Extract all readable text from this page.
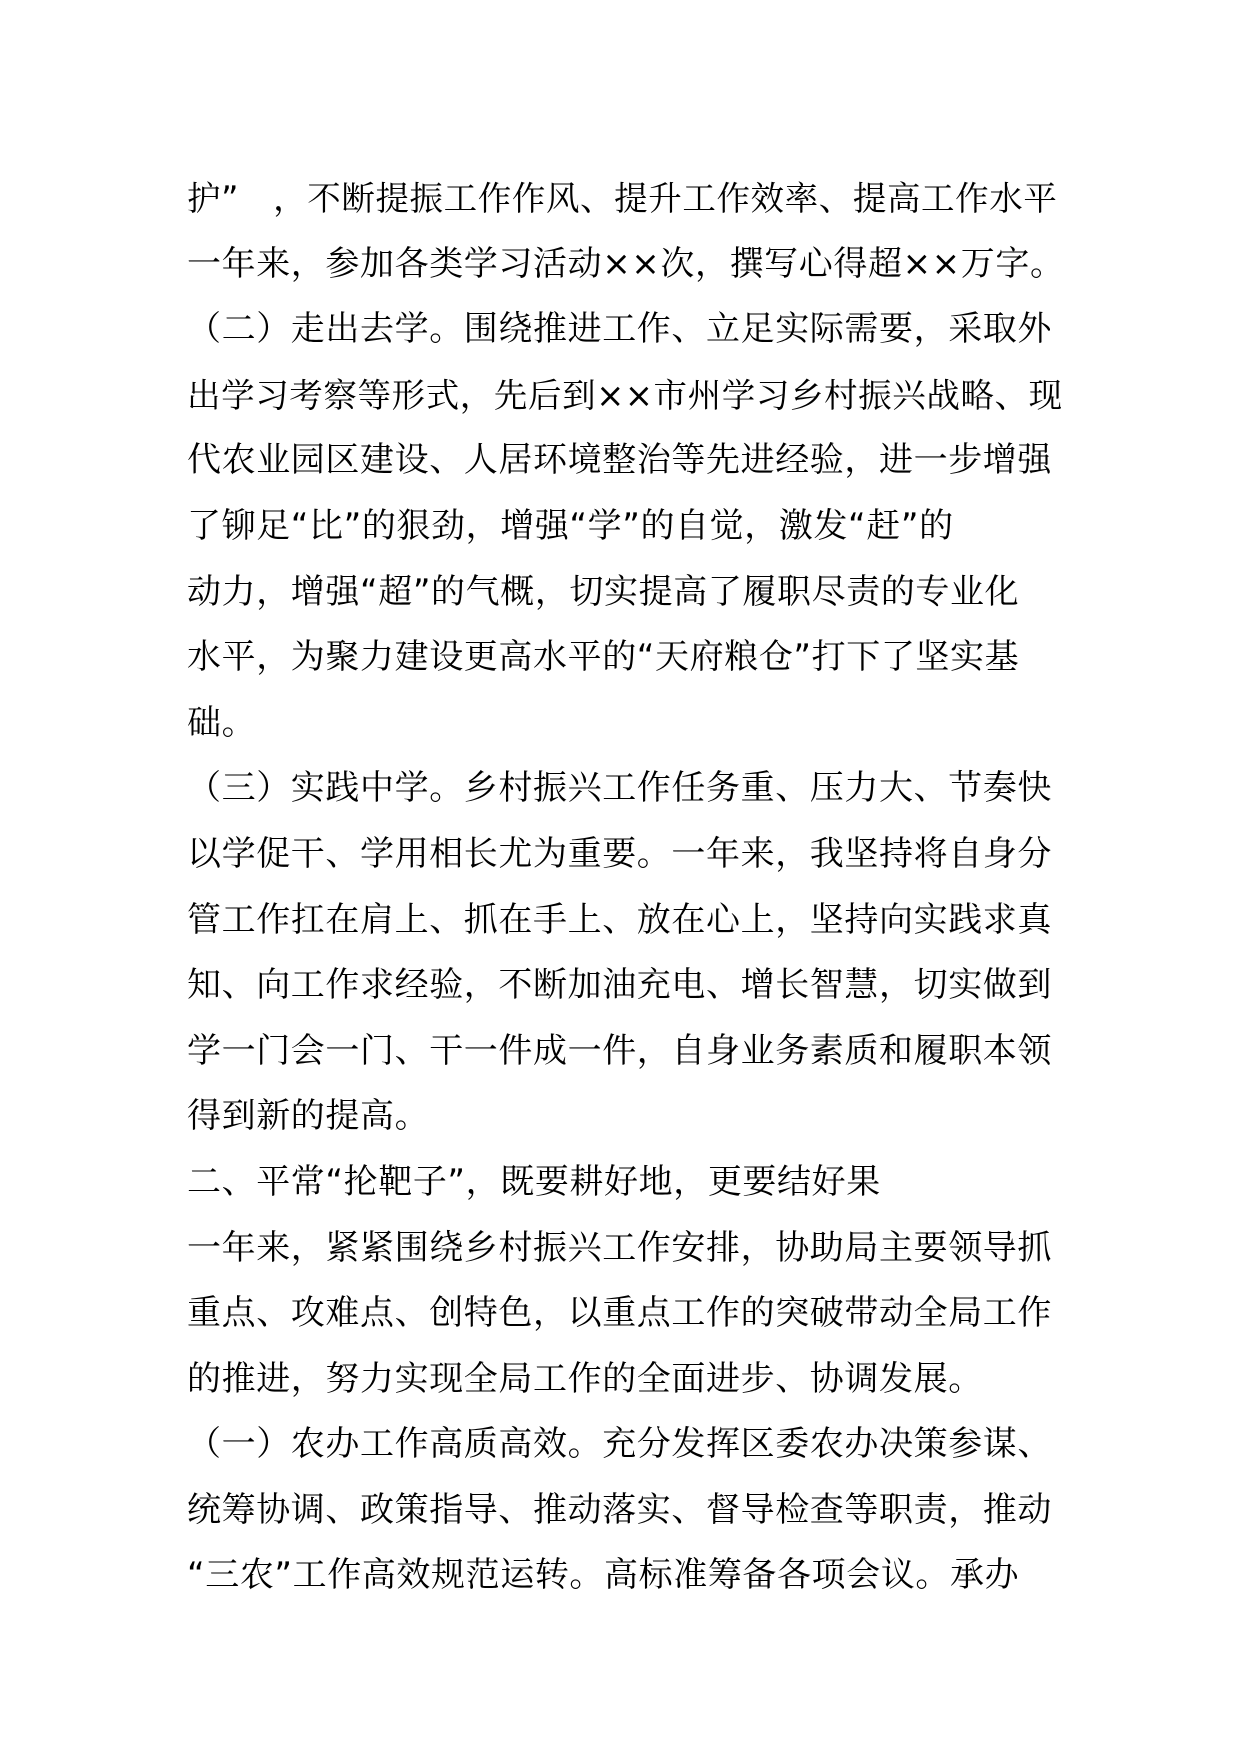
护”　，不断提振工作作风、提升工作效率、提高工作水平
一年来，参加各类学习活动××次，撰写心得超××万字。
（二）走出去学。围绕推进工作、立足实际需要，采取外
出学习考察等形式，先后到××市州学习乡村振兴战略、现
代农业园区建设、人居环境整治等先进经验，进一步增强
了铆足“比”的狠劲，增强“学”的自觉，激发“赶”的
动力，增强“超”的气概，切实提高了履职尽责的专业化
水平，为聚力建设更高水平的“天府粮仓”打下了坚实基
础。
（三）实践中学。乡村振兴工作任务重、压力大、节奏快
以学促干、学用相长尤为重要。一年来，我坚持将自身分
管工作扛在肩上、抓在手上、放在心上，坚持向实践求真
知、向工作求经验，不断加油充电、增长智慧，切实做到
学一门会一门、干一件成一件，自身业务素质和履职本领
得到新的提高。
二、平常“抡靶子”，既要耕好地，更要结好果
一年来，紧紧围绕乡村振兴工作安排，协助局主要领导抓
重点、攻难点、创特色，以重点工作的突破带动全局工作
的推进，努力实现全局工作的全面进步、协调发展。
（一）农办工作高质高效。充分发挥区委农办决策参谋、
统筹协调、政策指导、推动落实、督导检查等职责，推动
“三农”工作高效规范运转。高标准筹备各项会议。承办
